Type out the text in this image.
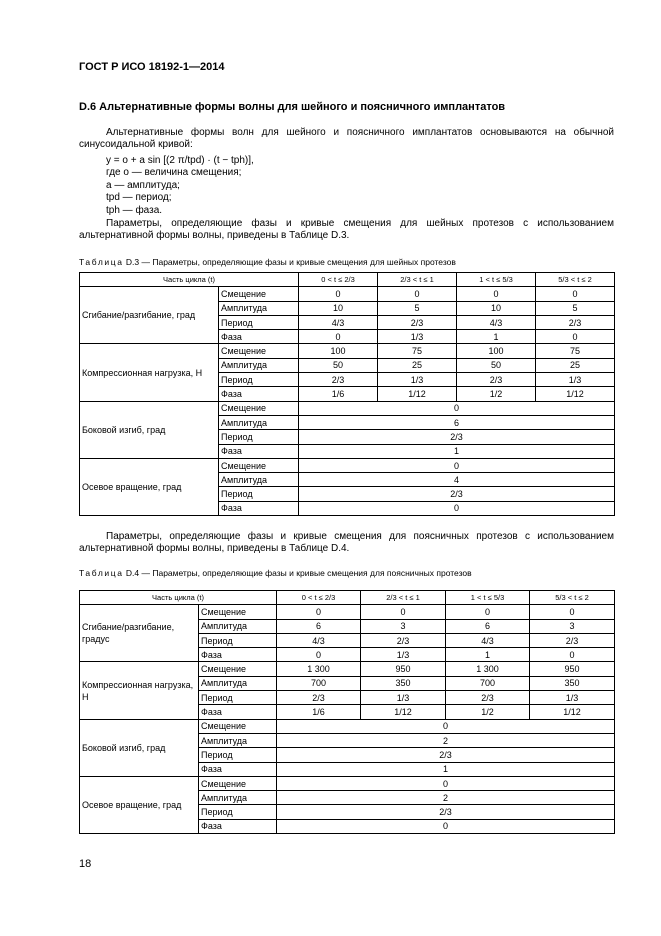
ГОСТ Р ИСО 18192-1—2014
D.6 Альтернативные формы волны для шейного и поясничного имплантатов
Альтернативные формы волн для шейного и поясничного имплантатов основываются на обычной синусоидальной кривой:
y = o + a sin [(2 π/tpd) · (t − tph)],
где o — величина смещения;
a — амплитуда;
tpd — период;
tph — фаза.
Параметры, определяющие фазы и кривые смещения для шейных протезов с использованием альтернативной формы волны, приведены в Таблице D.3.
Таблица D.3 — Параметры, определяющие фазы и кривые смещения для шейных протезов
Часть цикла (t)		0 < t ≤ 2/3	2/3 < t ≤ 1	1 < t ≤ 5/3	5/3 < t ≤ 2
Сгибание/разгибание, град	Смещение	0	0	0	0
	Амплитуда	10	5	10	5
	Период	4/3	2/3	4/3	2/3
	Фаза	0	1/3	1	0
Компрессионная нагрузка, Н	Смещение	100	75	100	75
	Амплитуда	50	25	50	25
	Период	2/3	1/3	2/3	1/3
	Фаза	1/6	1/12	1/2	1/12
Боковой изгиб, град	Смещение	0			
	Амплитуда	6			
	Период	2/3			
	Фаза	1			
Осевое вращение, град	Смещение	0			
	Амплитуда	4			
	Период	2/3			
	Фаза	0			
Параметры, определяющие фазы и кривые смещения для поясничных протезов с использованием альтернативной формы волны, приведены в Таблице D.4.
Таблица D.4 — Параметры, определяющие фазы и кривые смещения для поясничных протезов
Часть цикла (t)		0 < t ≤ 2/3	2/3 < t ≤ 1	1 < t ≤ 5/3	5/3 < t ≤ 2
Сгибание/разгибание, градус	Смещение	0	0	0	0
	Амплитуда	6	3	6	3
	Период	4/3	2/3	4/3	2/3
	Фаза	0	1/3	1	0
Компрессионная нагрузка, Н	Смещение	1 300	950	1 300	950
	Амплитуда	700	350	700	350
	Период	2/3	1/3	2/3	1/3
	Фаза	1/6	1/12	1/2	1/12
Боковой изгиб, град	Смещение	0			
	Амплитуда	2			
	Период	2/3			
	Фаза	1			
Осевое вращение, град	Смещение	0			
	Амплитуда	2			
	Период	2/3			
	Фаза	0			
18
